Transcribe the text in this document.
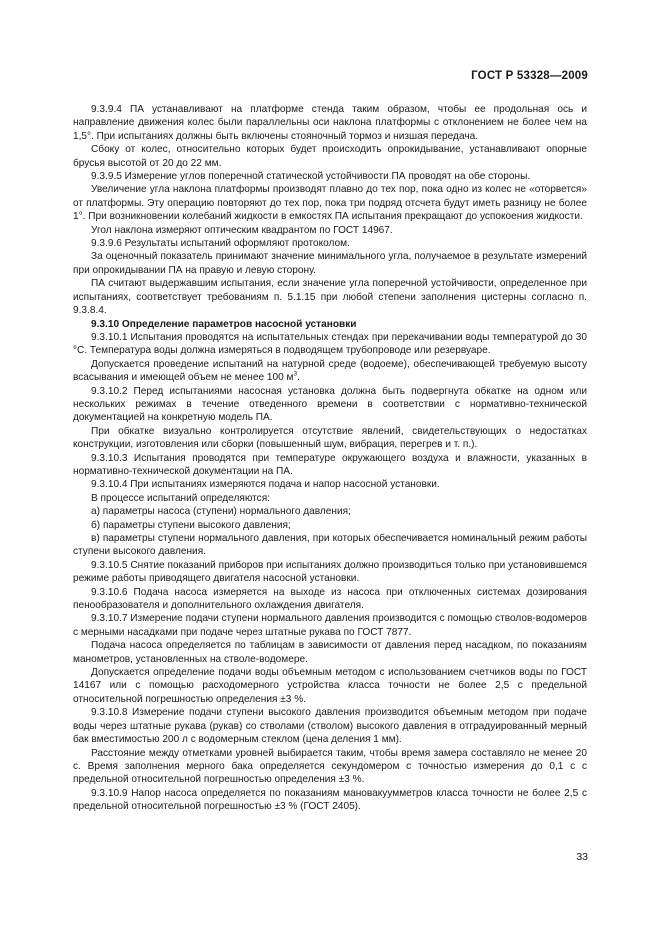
ГОСТ Р 53328—2009

9.3.9.4 ПА устанавливают на платформе стенда таким образом, чтобы ее продольная ось и направление движения колес были параллельны оси наклона платформы с отклонением не более чем на 1,5°. При испытаниях должны быть включены стояночный тормоз и низшая передача.

Сбоку от колес, относительно которых будет происходить опрокидывание, устанавливают опорные брусья высотой от 20 до 22 мм.

9.3.9.5 Измерение углов поперечной статической устойчивости ПА проводят на обе стороны.

Увеличение угла наклона платформы производят плавно до тех пор, пока одно из колес не «оторвется» от платформы. Эту операцию повторяют до тех пор, пока три подряд отсчета будут иметь разницу не более 1°. При возникновении колебаний жидкости в емкостях ПА испытания прекращают до успокоения жидкости.

Угол наклона измеряют оптическим квадрантом по ГОСТ 14967.

9.3.9.6 Результаты испытаний оформляют протоколом.

За оценочный показатель принимают значение минимального угла, получаемое в результате измерений при опрокидывании ПА на правую и левую сторону.

ПА считают выдержавшим испытания, если значение угла поперечной устойчивости, определенное при испытаниях, соответствует требованиям п. 5.1.15 при любой степени заполнения цистерны согласно п. 9.3.8.4.

9.3.10 Определение параметров насосной установки

9.3.10.1 Испытания проводятся на испытательных стендах при перекачивании воды температурой до 30 °С. Температура воды должна измеряться в подводящем трубопроводе или резервуаре.

Допускается проведение испытаний на натурной среде (водоеме), обеспечивающей требуемую высоту всасывания и имеющей объем не менее 100 $м^3$.

9.3.10.2 Перед испытаниями насосная установка должна быть подвергнута обкатке на одном или нескольких режимах в течение отведенного времени в соответствии с нормативно-технической документацией на конкретную модель ПА.

При обкатке визуально контролируется отсутствие явлений, свидетельствующих о недостатках конструкции, изготовления или сборки (повышенный шум, вибрация, перегрев и т. п.).

9.3.10.3 Испытания проводятся при температуре окружающего воздуха и влажности, указанных в нормативно-технической документации на ПА.

9.3.10.4 При испытаниях измеряются подача и напор насосной установки.

В процессе испытаний определяются:

а) параметры насоса (ступени) нормального давления;

б) параметры ступени высокого давления;

в) параметры ступени нормального давления, при которых обеспечивается номинальный режим работы ступени высокого давления.

9.3.10.5 Снятие показаний приборов при испытаниях должно производиться только при установившемся режиме работы приводящего двигателя насосной установки.

9.3.10.6 Подача насоса измеряется на выходе из насоса при отключенных системах дозирования пенообразователя и дополнительного охлаждения двигателя.

9.3.10.7 Измерение подачи ступени нормального давления производится с помощью стволов-водомеров с мерными насадками при подаче через штатные рукава по ГОСТ 7877.

Подача насоса определяется по таблицам в зависимости от давления перед насадком, по показаниям манометров, установленных на стволе-водомере.

Допускается определение подачи воды объемным методом с использованием счетчиков воды по ГОСТ 14167 или с помощью расходомерного устройства класса точности не более 2,5 с предельной относительной погрешностью определения ±3 %.

9.3.10.8 Измерение подачи ступени высокого давления производится объемным методом при подаче воды через штатные рукава (рукав) со стволами (стволом) высокого давления в отградуированный мерный бак вместимостью 200 л с водомерным стеклом (цена деления 1 мм).

Расстояние между отметками уровней выбирается таким, чтобы время замера составляло не менее 20 с. Время заполнения мерного бака определяется секундомером с точностью измерения до 0,1 с с предельной относительной погрешностью определения ±3 %.

9.3.10.9 Напор насоса определяется по показаниям мановакуумметров класса точности не более 2,5 с предельной относительной погрешностью ±3 % (ГОСТ 2405).

33
